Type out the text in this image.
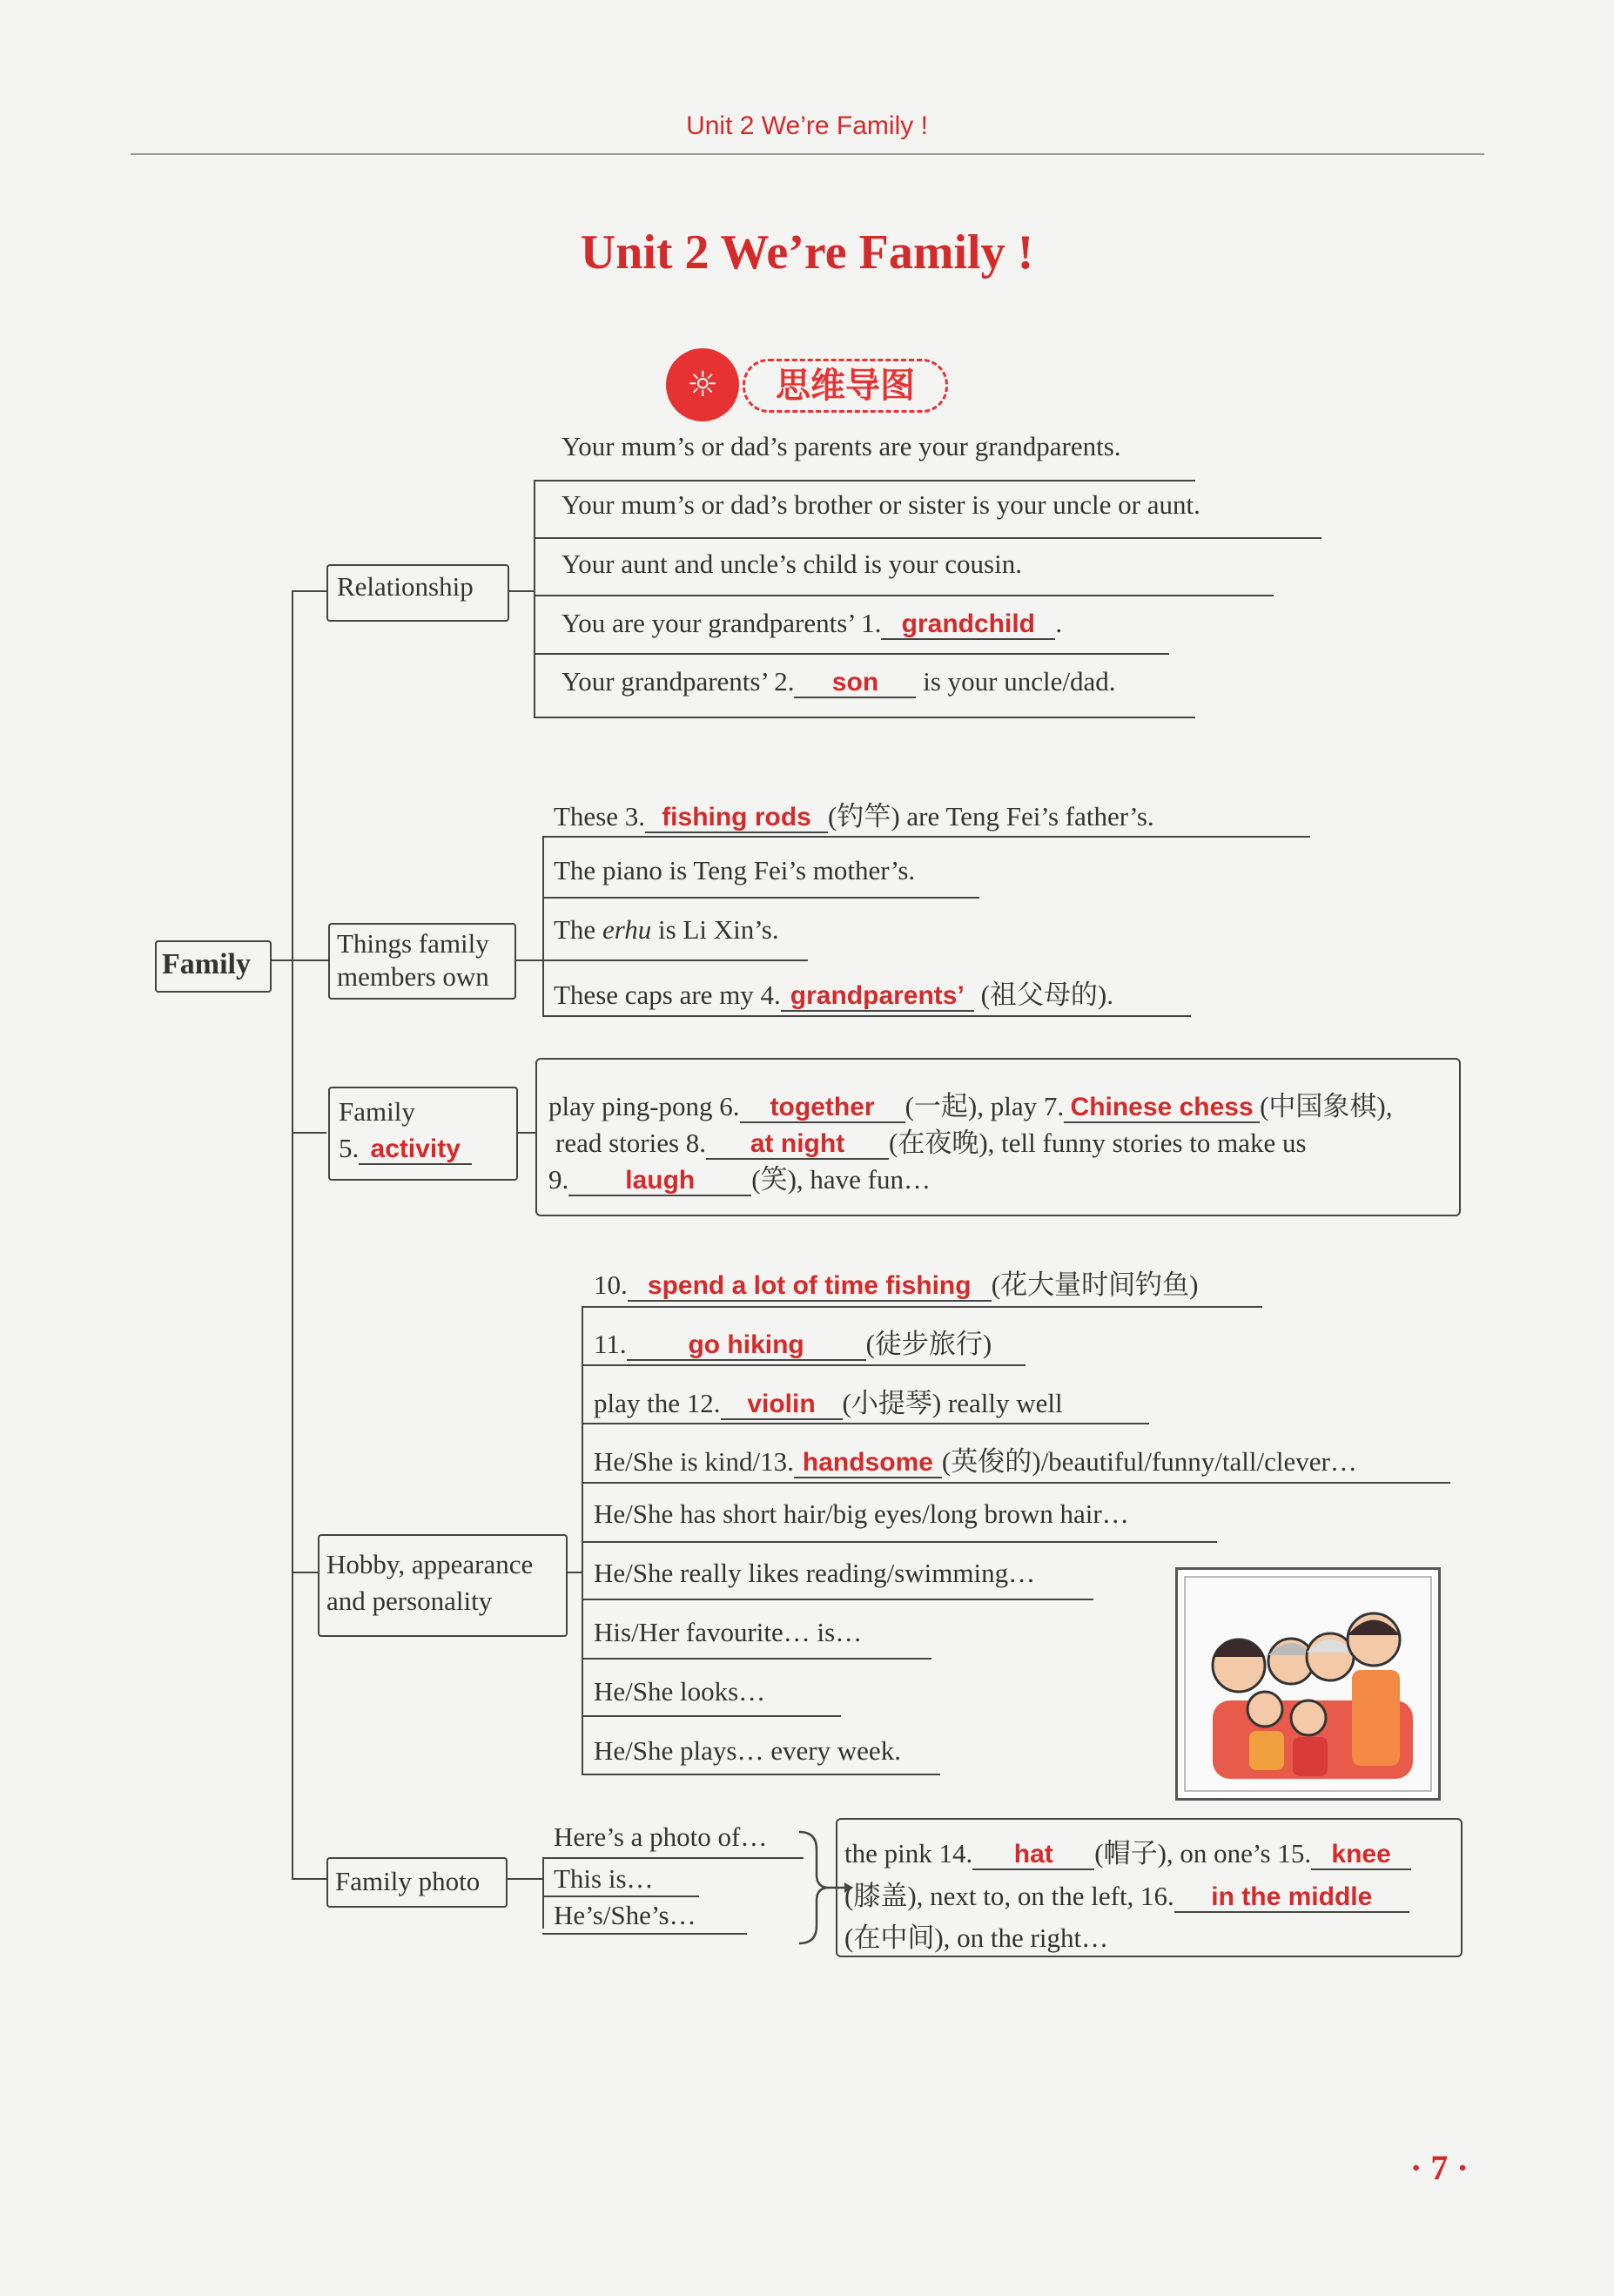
Unit 2 We’re Family !
Unit 2 We’re Family !
☼	思维导图
Family
Relationship
Your mum’s or dad’s parents are your grandparents.
Your mum’s or dad’s brother or sister is your uncle or aunt.
Your aunt and uncle’s child is your cousin.
You are your grandparents’ 1. grandchild .
Your grandparents’ 2. son is your uncle/dad.
Things family
members own
These 3. fishing rods (钓竿) are Teng Fei’s father’s.
The piano is Teng Fei’s mother’s.
The erhu is Li Xin’s.
These caps are my 4. grandparents’ (祖父母的).
Family
5. activity
play ping-pong 6. together (一起), play 7. Chinese chess (中国象棋),
read stories 8. at night (在夜晚), tell funny stories to make us
9. laugh (笑), have fun…
Hobby, appearance
and personality
10. spend a lot of time fishing (花大量时间钓鱼)
11. go hiking (徒步旅行)
play the 12. violin (小提琴) really well
He/She is kind/13. handsome (英俊的)/beautiful/funny/tall/clever…
He/She has short hair/big eyes/long brown hair…
He/She really likes reading/swimming…
His/Her favourite… is…
He/She looks…
He/She plays… every week.
Family photo
Here’s a photo of…
This is…
He’s/She’s…
the pink 14. hat (帽子), on one’s 15. knee
(膝盖), next to, on the left, 16. in the middle
(在中间), on the right…
· 7 ·
